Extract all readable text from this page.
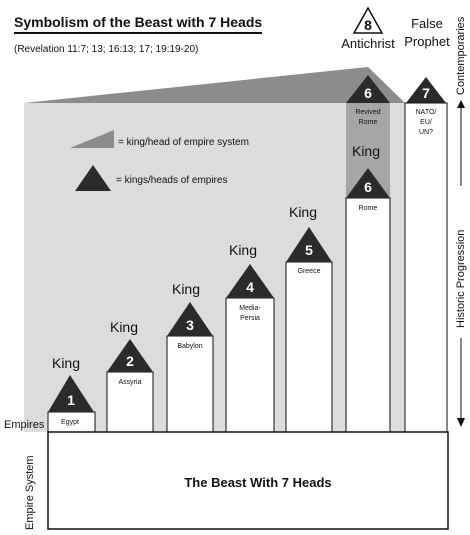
Symbolism of the Beast with 7 Heads
(Revelation 11:7; 13; 16:13; 17; 19:19-20)
8
Antichrist
False
Prophet
= king/head of empire system
= kings/heads of empires
7
NATO/
EU/
UN?
6
Revived
Rome
1
King
Egypt
2
King
Assyria
3
King
Babylon
4
King
Media-
Persia
5
King
Greece
6
King
Rome
The Beast With 7 Heads
Empires
Empire System
Contemporaries
Historic Progression
